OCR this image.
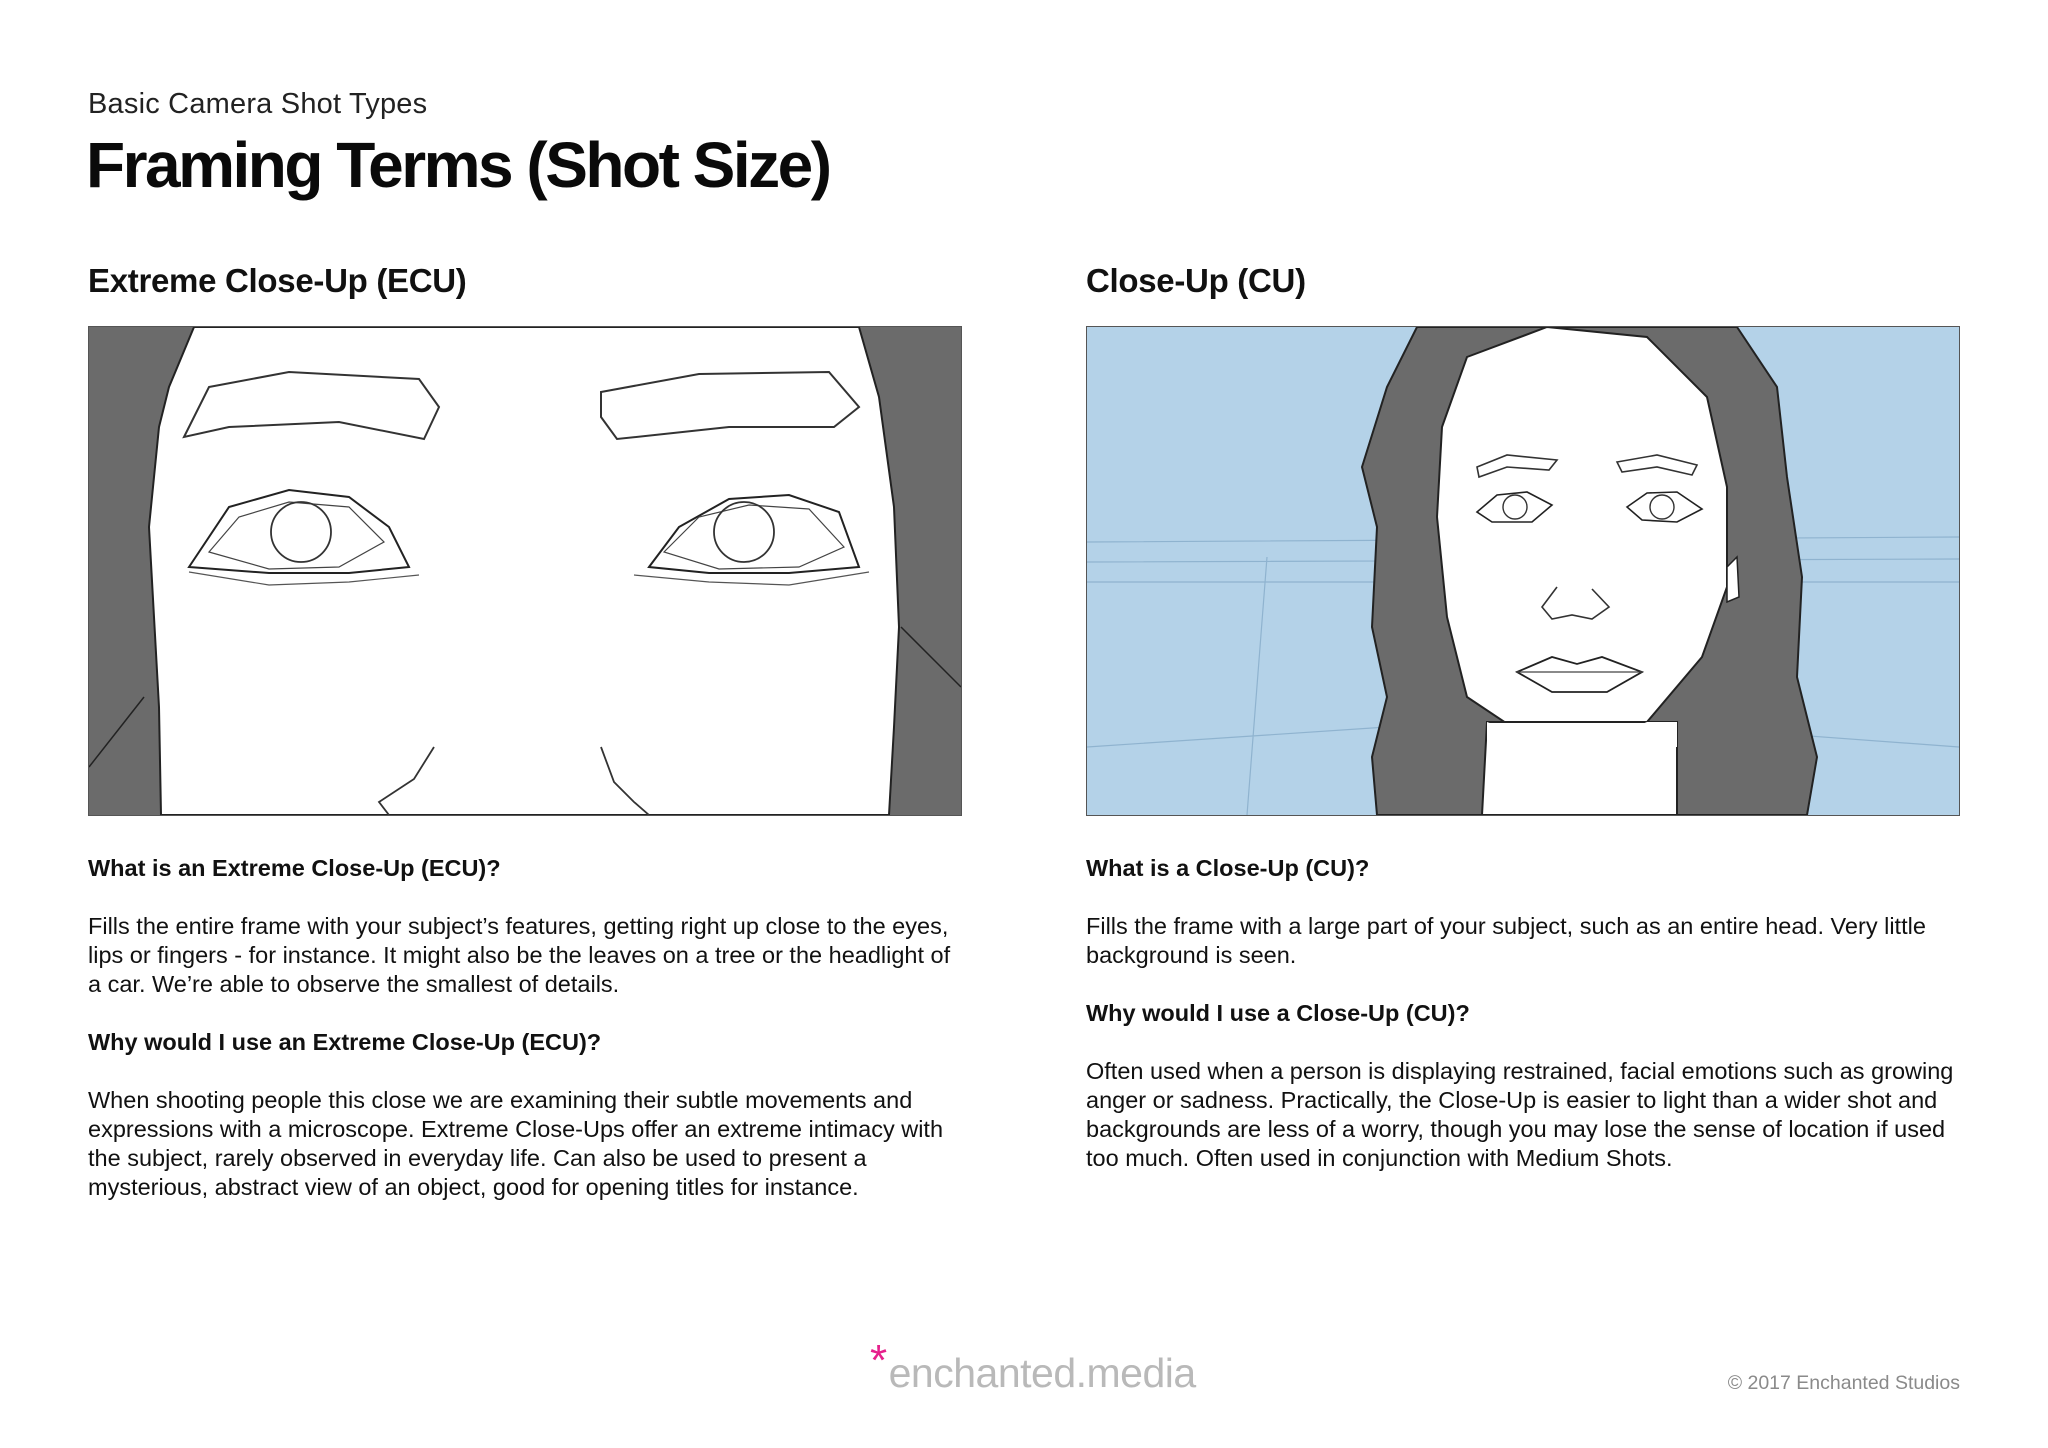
Basic Camera Shot Types
Framing Terms (Shot Size)
Extreme Close-Up (ECU)

What is an Extreme Close-Up (ECU)?

Fills the entire frame with your subject’s features, getting right up close to the eyes, lips or fingers - for instance. It might also be the leaves on a tree or the headlight of a car. We’re able to observe the smallest of details.

Why would I use an Extreme Close-Up (ECU)?

When shooting people this close we are examining their subtle movements and expressions with a microscope. Extreme Close-Ups offer an extreme intimacy with the subject, rarely observed in everyday life. Can also be used to present a mysterious, abstract view of an object, good for opening titles for instance.

Close-Up (CU)

What is a Close-Up (CU)?

Fills the frame with a large part of your subject, such as an entire head. Very little background is seen.

Why would I use a Close-Up (CU)?

Often used when a person is displaying restrained, facial emotions such as growing anger or sadness. Practically, the Close-Up is easier to light than a wider shot and backgrounds are less of a worry, though you may lose the sense of location if used too much. Often used in conjunction with Medium Shots.

*enchanted.media	© 2017 Enchanted Studios
